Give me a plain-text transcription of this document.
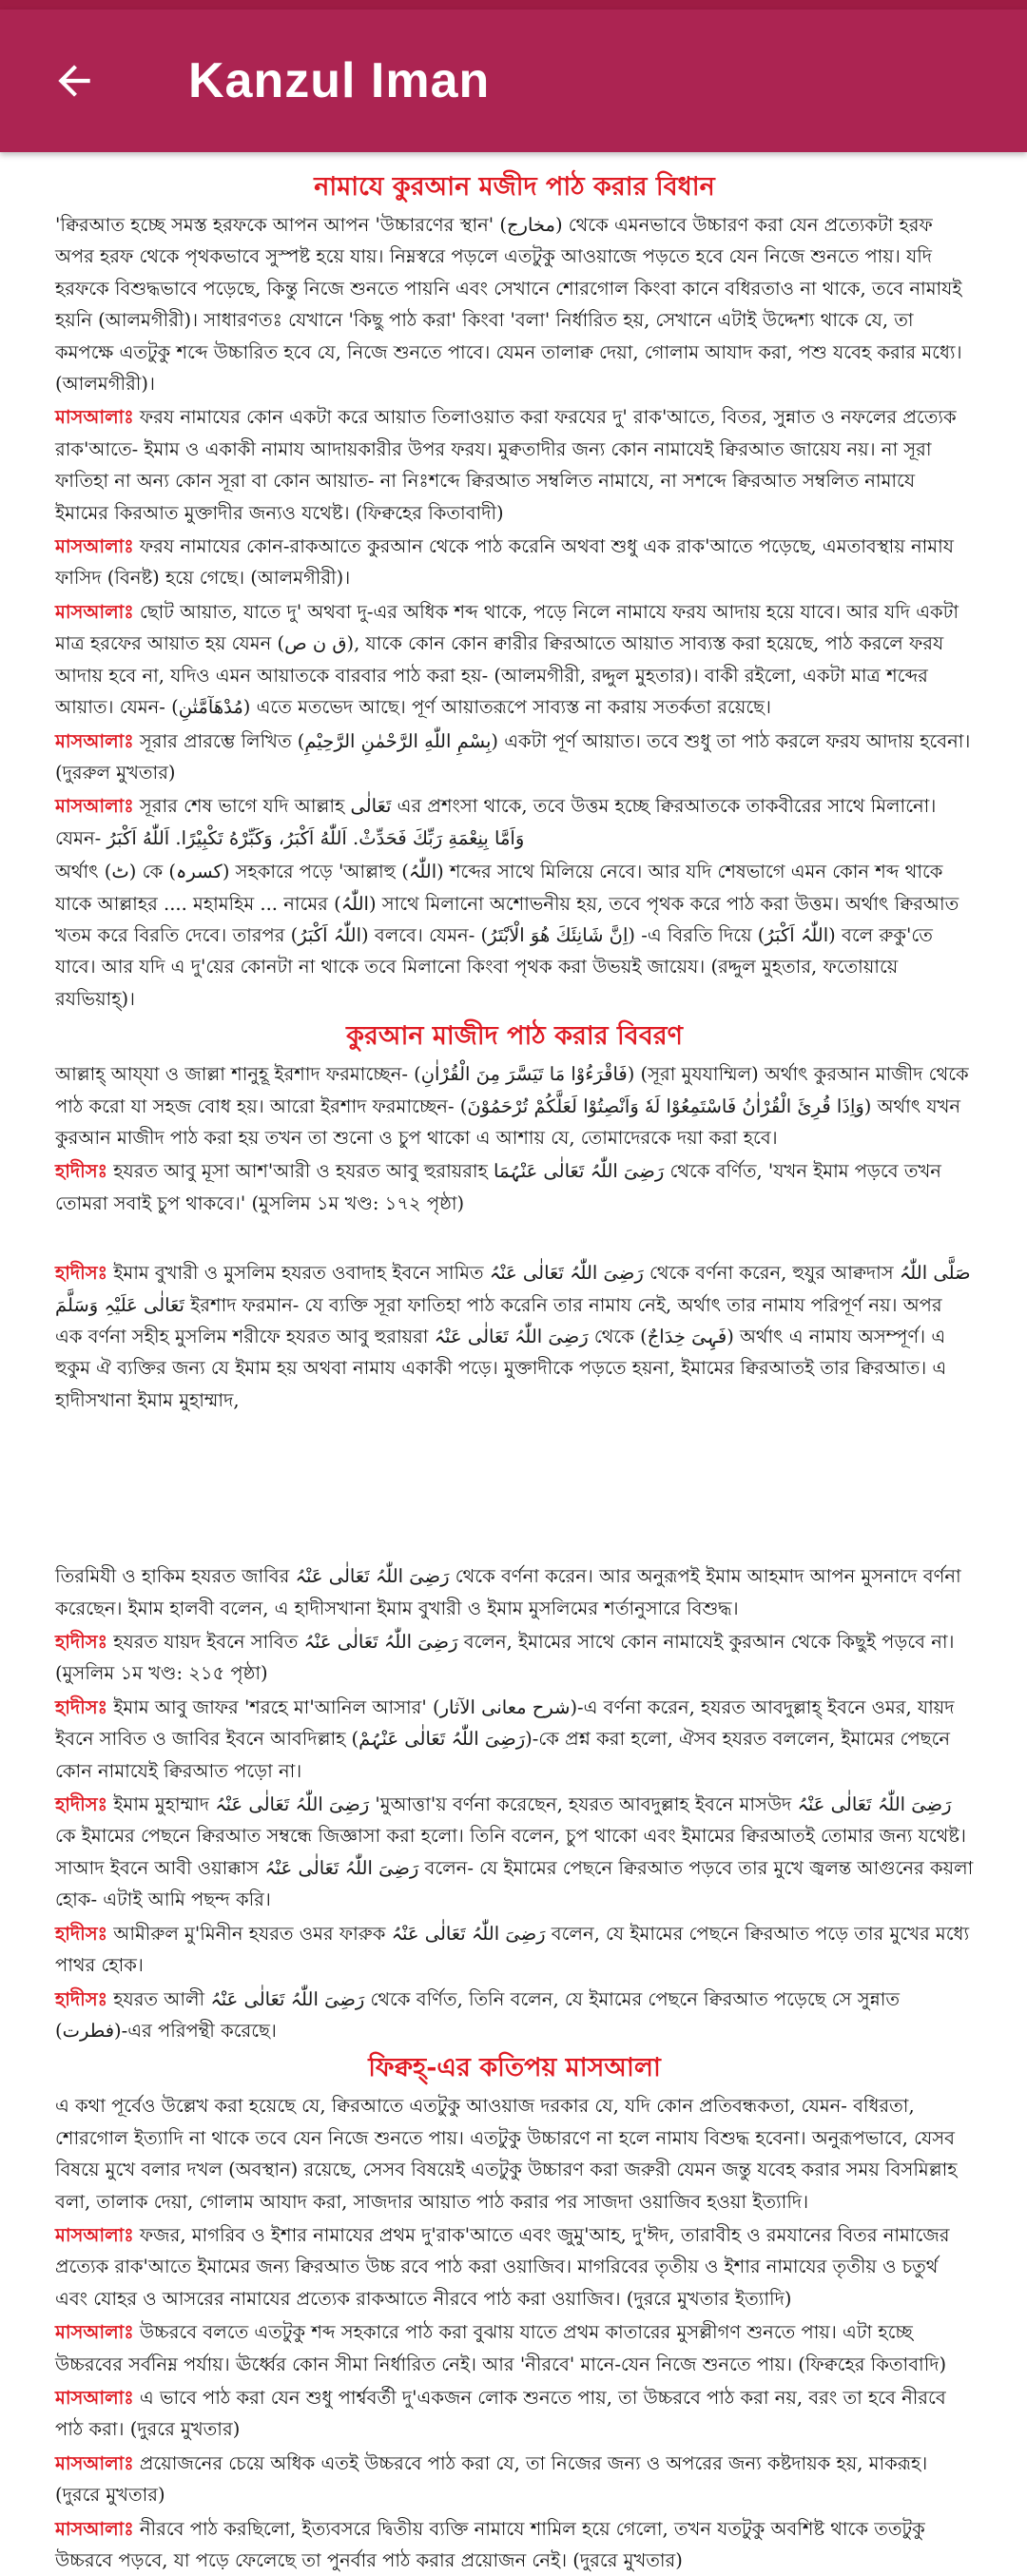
Kanzul Iman
নামাযে কুরআন মজীদ পাঠ করার বিধান

'ক্বিরআত হচ্ছে সমস্ত হরফকে আপন আপন 'উচ্চারণের স্থান' (مخارج) থেকে এমনভাবে উচ্চারণ করা যেন প্রত্যেকটা হরফ অপর হরফ থেকে পৃথকভাবে সুস্পষ্ট হয়ে যায়। নিম্নস্বরে পড়লে এতটুকু আওয়াজে পড়তে হবে যেন নিজে শুনতে পায়। যদি হরফকে বিশুদ্ধভাবে পড়েছে, কিন্তু নিজে শুনতে পায়নি এবং সেখানে শোরগোল কিংবা কানে বধিরতাও না থাকে, তবে নামাযই হয়নি (আলমগীরী)। সাধারণতঃ যেখানে 'কিছু পাঠ করা' কিংবা 'বলা' নির্ধারিত হয়, সেখানে এটাই উদ্দেশ্য থাকে যে, তা কমপক্ষে এতটুকু শব্দে উচ্চারিত হবে যে, নিজে শুনতে পাবে। যেমন তালাক্ব দেয়া, গোলাম আযাদ করা, পশু যবেহ করার মধ্যে। (আলমগীরী)।

মাসআলাঃ ফরয নামাযের কোন একটা করে আয়াত তিলাওয়াত করা ফরযের দু' রাক'আতে, বিতর, সুন্নাত ও নফলের প্রত্যেক রাক'আতে- ইমাম ও একাকী নামায আদায়কারীর উপর ফরয। মুক্বতাদীর জন্য কোন নামাযেই ক্বিরআত জায়েয নয়। না সূরা ফাতিহা না অন্য কোন সূরা বা কোন আয়াত- না নিঃশব্দে ক্বিরআত সম্বলিত নামাযে, না সশব্দে ক্বিরআত সম্বলিত নামাযে ইমামের কিরআত মুক্তাদীর জন্যও যথেষ্ট। (ফিক্বহের কিতাবাদী)

মাসআলাঃ ফরয নামাযের কোন-রাকআতে কুরআন থেকে পাঠ করেনি অথবা শুধু এক রাক'আতে পড়েছে, এমতাবস্থায় নামায ফাসিদ (বিনষ্ট) হয়ে গেছে। (আলমগীরী)।

মাসআলাঃ ছোট আয়াত, যাতে দু' অথবা দু-এর অধিক শব্দ থাকে, পড়ে নিলে নামাযে ফরয আদায় হয়ে যাবে। আর যদি একটা মাত্র হরফের আয়াত হয় যেমন (ق ن ص), যাকে কোন কোন ক্বারীর ক্বিরআতে আয়াত সাব্যস্ত করা হয়েছে, পাঠ করলে ফরয আদায় হবে না, যদিও এমন আয়াতকে বারবার পাঠ করা হয়- (আলমগীরী, রদ্দুল মুহতার)। বাকী রইলো, একটা মাত্র শব্দের আয়াত। যেমন- (مُدْهَآمَّتٰنِ) এতে মতভেদ আছে। পূর্ণ আয়াতরূপে সাব্যস্ত না করায় সতর্কতা রয়েছে।

মাসআলাঃ সূরার প্রারম্ভে লিখিত (بِسْمِ اللّٰهِ الرَّحْمٰنِ الرَّحِيْمِ) একটা পূর্ণ আয়াত। তবে শুধু তা পাঠ করলে ফরয আদায় হবেনা। (দুররুল মুখতার)

মাসআলাঃ সূরার শেষ ভাগে যদি আল্লাহ تَعَالٰی এর প্রশংসা থাকে, তবে উত্তম হচ্ছে ক্বিরআতকে তাকবীরের সাথে মিলানো। যেমন- وَاَمَّا بِنِعْمَةِ رَبِّكَ فَحَدِّثْ. اَللّٰهُ اَكْبَرُ، وَكَبِّرْهُ تَكْبِيْرًا. اَللّٰهُ اَكْبَرُ

অর্থাৎ (ٹ) কে (کسرہ) সহকারে পড়ে 'আল্লাহু (اللّٰہُ) শব্দের সাথে মিলিয়ে নেবে। আর যদি শেষভাগে এমন কোন শব্দ থাকে যাকে আল্লাহর .... মহামহিম ... নামের (اللّٰہُ) সাথে মিলানো অশোভনীয় হয়, তবে পৃথক করে পাঠ করা উত্তম। অর্থাৎ ক্বিরআত খতম করে বিরতি দেবে। তারপর (اللّٰہُ اَکْبَرُ) বলবে। যেমন- (اِنَّ شَانِئَكَ هُوَ الْاَبْتَرُ) -এ বিরতি দিয়ে (اللّٰہُ اَکْبَرُ) বলে রুকু'তে যাবে। আর যদি এ দু'য়ের কোনটা না থাকে তবে মিলানো কিংবা পৃথক করা উভয়ই জায়েয। (রদ্দুল মুহতার, ফতোয়ায়ে রযভিয়াহ্)।

কুরআন মাজীদ পাঠ করার বিবরণ

আল্লাহ্ আয্‌যা ও জাল্লা শানুহূ ইরশাদ ফরমাচ্ছেন- (فَاقْرَءُوْا مَا تَيَسَّرَ مِنَ الْقُرْاٰنِ) (সূরা মুযযাম্মিল) অর্থাৎ কুরআন মাজীদ থেকে পাঠ করো যা সহজ বোধ হয়। আরো ইরশাদ ফরমাচ্ছেন- (وَاِذَا قُرِئَ الْقُرْاٰنُ فَاسْتَمِعُوْا لَهٗ وَاَنْصِتُوْا لَعَلَّكُمْ تُرْحَمُوْنَ) অর্থাৎ যখন কুরআন মাজীদ পাঠ করা হয় তখন তা শুনো ও চুপ থাকো এ আশায় যে, তোমাদেরকে দয়া করা হবে।

হাদীসঃ হযরত আবু মূসা আশ'আরী ও হযরত আবু হুরায়রাহ رَضِیَ اللّٰہُ تَعَالٰی عَنْہُمَا থেকে বর্ণিত, 'যখন ইমাম পড়বে তখন তোমরা সবাই চুপ থাকবে।' (মুসলিম ১ম খণ্ড: ১৭২ পৃষ্ঠা)

হাদীসঃ ইমাম বুখারী ও মুসলিম হযরত ওবাদাহ ইবনে সামিত رَضِیَ اللّٰہُ تَعَالٰی عَنْہُ থেকে বর্ণনা করেন, হুযুর আক্বদাস صَلَّی اللّٰہُ تَعَالٰی عَلَیْہِ وَسَلَّمَ ইরশাদ ফরমান- যে ব্যক্তি সূরা ফাতিহা পাঠ করেনি তার নামায নেই, অর্থাৎ তার নামায পরিপূর্ণ নয়। অপর এক বর্ণনা সহীহ মুসলিম শরীফে হযরত আবু হুরায়রা رَضِیَ اللّٰہُ تَعَالٰی عَنْہُ থেকে (فَہِیَ خِدَاجٌ) অর্থাৎ এ নামায অসম্পূর্ণ। এ হুকুম ঐ ব্যক্তির জন্য যে ইমাম হয় অথবা নামায একাকী পড়ে। মুক্তাদীকে পড়তে হয়না, ইমামের ক্বিরআতই তার ক্বিরআত। এ হাদীসখানা ইমাম মুহাম্মাদ,

তিরমিযী ও হাকিম হযরত জাবির رَضِیَ اللّٰہُ تَعَالٰی عَنْہُ থেকে বর্ণনা করেন। আর অনুরূপই ইমাম আহমাদ আপন মুসনাদে বর্ণনা করেছেন। ইমাম হালবী বলেন, এ হাদীসখানা ইমাম বুখারী ও ইমাম মুসলিমের শর্তানুসারে বিশুদ্ধ।

হাদীসঃ হযরত যায়দ ইবনে সাবিত رَضِیَ اللّٰہُ تَعَالٰی عَنْہُ বলেন, ইমামের সাথে কোন নামাযেই কুরআন থেকে কিছুই পড়বে না। (মুসলিম ১ম খণ্ড: ২১৫ পৃষ্ঠা)

হাদীসঃ ইমাম আবু জাফর 'শরহে মা'আনিল আসার' (شرح معانی الآثار)-এ বর্ণনা করেন, হযরত আবদুল্লাহ্ ইবনে ওমর, যায়দ ইবনে সাবিত ও জাবির ইবনে আবদিল্লাহ (رَضِیَ اللّٰہُ تَعَالٰی عَنْہُمْ)-কে প্রশ্ন করা হলো, ঐসব হযরত বললেন, ইমামের পেছনে কোন নামাযেই ক্বিরআত পড়ো না।

হাদীসঃ ইমাম মুহাম্মাদ رَضِیَ اللّٰہُ تَعَالٰی عَنْہُ 'মুআত্তা'য় বর্ণনা করেছেন, হযরত আবদুল্লাহ ইবনে মাসউদ رَضِیَ اللّٰہُ تَعَالٰی عَنْہُ কে ইমামের পেছনে ক্বিরআত সম্বন্ধে জিজ্ঞাসা করা হলো। তিনি বলেন, চুপ থাকো এবং ইমামের ক্বিরআতই তোমার জন্য যথেষ্ট। সাআদ ইবনে আবী ওয়াক্কাস رَضِیَ اللّٰہُ تَعَالٰی عَنْہُ বলেন- যে ইমামের পেছনে ক্বিরআত পড়বে তার মুখে জ্বলন্ত আগুনের কয়লা হোক- এটাই আমি পছন্দ করি।

হাদীসঃ আমীরুল মু'মিনীন হযরত ওমর ফারুক رَضِیَ اللّٰہُ تَعَالٰی عَنْہُ বলেন, যে ইমামের পেছনে ক্বিরআত পড়ে তার মুখের মধ্যে পাথর হোক।

হাদীসঃ হযরত আলী رَضِیَ اللّٰہُ تَعَالٰی عَنْہُ থেকে বর্ণিত, তিনি বলেন, যে ইমামের পেছনে ক্বিরআত পড়েছে সে সুন্নাত (فطرت)-এর পরিপন্থী করেছে।

ফিক্বহ্-এর কতিপয় মাসআলা

এ কথা পূর্বেও উল্লেখ করা হয়েছে যে, ক্বিরআতে এতটুকু আওয়াজ দরকার যে, যদি কোন প্রতিবন্ধকতা, যেমন- বধিরতা, শোরগোল ইত্যাদি না থাকে তবে যেন নিজে শুনতে পায়। এতটুকু উচ্চারণে না হলে নামায বিশুদ্ধ হবেনা। অনুরূপভাবে, যেসব বিষয়ে মুখে বলার দখল (অবস্থান) রয়েছে, সেসব বিষয়েই এতটুকু উচ্চারণ করা জরুরী যেমন জন্তু যবেহ করার সময় বিসমিল্লাহ বলা, তালাক দেয়া, গোলাম আযাদ করা, সাজদার আয়াত পাঠ করার পর সাজদা ওয়াজিব হওয়া ইত্যাদি।

মাসআলাঃ ফজর, মাগরিব ও ইশার নামাযের প্রথম দু'রাক'আতে এবং জুমু'আহ, দু'ঈদ, তারাবীহ ও রমযানের বিতর নামাজের প্রত্যেক রাক'আতে ইমামের জন্য ক্বিরআত উচ্চ রবে পাঠ করা ওয়াজিব। মাগরিবের তৃতীয় ও ইশার নামাযের তৃতীয় ও চতুর্থ এবং যোহর ও আসরের নামাযের প্রত্যেক রাকআতে নীরবে পাঠ করা ওয়াজিব। (দুররে মুখতার ইত্যাদি)

মাসআলাঃ উচ্চরবে বলতে এতটুকু শব্দ সহকারে পাঠ করা বুঝায় যাতে প্রথম কাতারের মুসল্লীগণ শুনতে পায়। এটা হচ্ছে উচ্চরবের সর্বনিম্ন পর্যায়। ঊর্ধ্বের কোন সীমা নির্ধারিত নেই। আর 'নীরবে' মানে-যেন নিজে শুনতে পায়। (ফিক্বহের কিতাবাদি)

মাসআলাঃ এ ভাবে পাঠ করা যেন শুধু পার্শ্ববর্তী দু'একজন লোক শুনতে পায়, তা উচ্চরবে পাঠ করা নয়, বরং তা হবে নীরবে পাঠ করা। (দুররে মুখতার)

মাসআলাঃ প্রয়োজনের চেয়ে অধিক এতই উচ্চরবে পাঠ করা যে, তা নিজের জন্য ও অপরের জন্য কষ্টদায়ক হয়, মাকরূহ। (দুররে মুখতার)

মাসআলাঃ নীরবে পাঠ করছিলো, ইত্যবসরে দ্বিতীয় ব্যক্তি নামাযে শামিল হয়ে গেলো, তখন যতটুকু অবশিষ্ট থাকে ততটুকু উচ্চরবে পড়বে, যা পড়ে ফেলেছে তা পুনর্বার পাঠ করার প্রয়োজন নেই। (দুররে মুখতার)
